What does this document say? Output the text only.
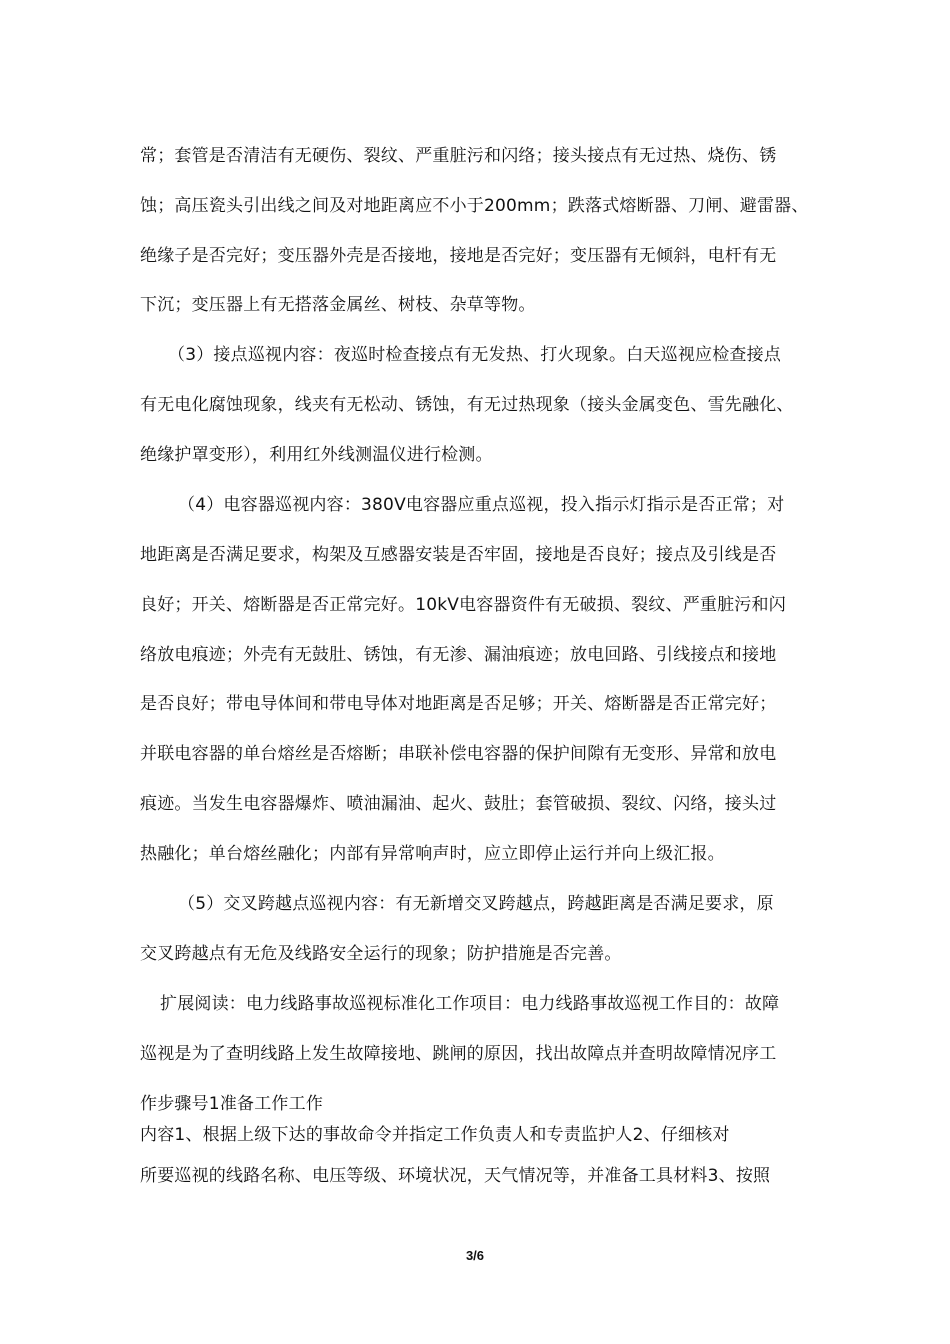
常；套管是否清洁有无硬伤、裂纹、严重脏污和闪络；接头接点有无过热、烧伤、锈
蚀；高压瓷头引出线之间及对地距离应不小于200mm；跌落式熔断器、刀闸、避雷器、
绝缘子是否完好；变压器外壳是否接地，接地是否完好；变压器有无倾斜，电杆有无
下沉；变压器上有无搭落金属丝、树枝、杂草等物。
（3）接点巡视内容：夜巡时检查接点有无发热、打火现象。白天巡视应检查接点
有无电化腐蚀现象，线夹有无松动、锈蚀，有无过热现象（接头金属变色、雪先融化、
绝缘护罩变形），利用红外线测温仪进行检测。
（4）电容器巡视内容：380V电容器应重点巡视，投入指示灯指示是否正常；对
地距离是否满足要求，构架及互感器安装是否牢固，接地是否良好；接点及引线是否
良好；开关、熔断器是否正常完好。10kV电容器资件有无破损、裂纹、严重脏污和闪
络放电痕迹；外壳有无鼓肚、锈蚀，有无渗、漏油痕迹；放电回路、引线接点和接地
是否良好；带电导体间和带电导体对地距离是否足够；开关、熔断器是否正常完好；
并联电容器的单台熔丝是否熔断；串联补偿电容器的保护间隙有无变形、异常和放电
痕迹。当发生电容器爆炸、喷油漏油、起火、鼓肚；套管破损、裂纹、闪络，接头过
热融化；单台熔丝融化；内部有异常响声时，应立即停止运行并向上级汇报。
（5）交叉跨越点巡视内容：有无新增交叉跨越点，跨越距离是否满足要求，原
交叉跨越点有无危及线路安全运行的现象；防护措施是否完善。
扩展阅读：电力线路事故巡视标准化工作项目：电力线路事故巡视工作目的：故障
巡视是为了查明线路上发生故障接地、跳闸的原因，找出故障点并查明故障情况序工
作步骤号1准备工作工作
内容1、根据上级下达的事故命令并指定工作负责人和专责监护人2、仔细核对
所要巡视的线路名称、电压等级、环境状况，天气情况等，并准备工具材料3、按照
3/6
